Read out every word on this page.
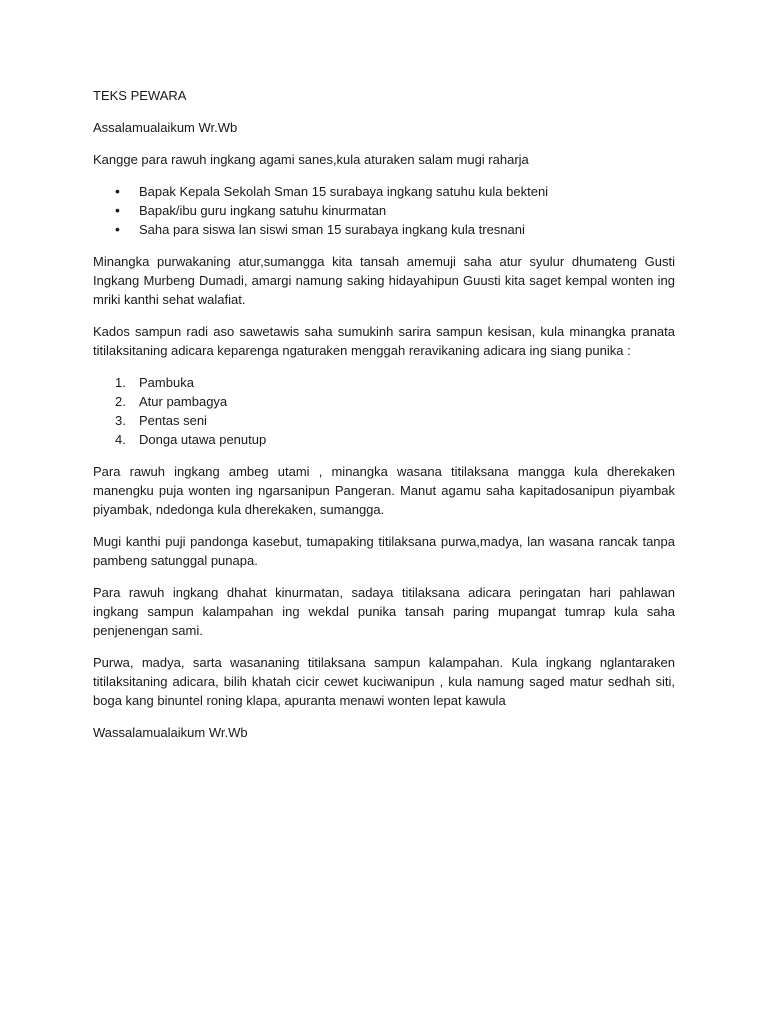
TEKS PEWARA

Assalamualaikum Wr.Wb

Kangge para rawuh ingkang agami sanes,kula aturaken salam mugi raharja

• Bapak Kepala Sekolah Sman 15 surabaya ingkang satuhu kula bekteni
• Bapak/ibu guru ingkang satuhu kinurmatan
• Saha para siswa lan siswi sman 15 surabaya ingkang kula tresnani

Minangka purwakaning atur,sumangga kita tansah amemuji saha atur syulur dhumateng Gusti Ingkang Murbeng Dumadi, amargi namung saking hidayahipun Guusti kita saget kempal wonten ing mriki kanthi sehat walafiat.

Kados sampun radi aso sawetawis saha sumukinh sarira sampun kesisan, kula minangka pranata titilaksitaning adicara keparenga ngaturaken menggah reravikaning adicara ing siang punika :

1. Pambuka
2. Atur pambagya
3. Pentas seni
4. Donga utawa penutup

Para rawuh ingkang ambeg utami , minangka wasana titilaksana mangga kula dherekaken manengku puja wonten ing ngarsanipun Pangeran. Manut agamu saha kapitadosanipun piyambak piyambak, ndedonga kula dherekaken, sumangga.

Mugi kanthi puji pandonga kasebut, tumapaking titilaksana purwa,madya, lan wasana rancak tanpa pambeng satunggal punapa.

Para rawuh ingkang dhahat kinurmatan, sadaya titilaksana adicara peringatan hari pahlawan ingkang sampun kalampahan ing wekdal punika tansah paring mupangat tumrap kula saha penjenengan sami.

Purwa, madya, sarta wasananing titilaksana sampun kalampahan. Kula ingkang nglantaraken titilaksitaning adicara, bilih khatah cicir cewet kuciwanipun , kula namung saged matur sedhah siti, boga kang binuntel roning klapa, apuranta menawi wonten lepat kawula

Wassalamualaikum Wr.Wb
